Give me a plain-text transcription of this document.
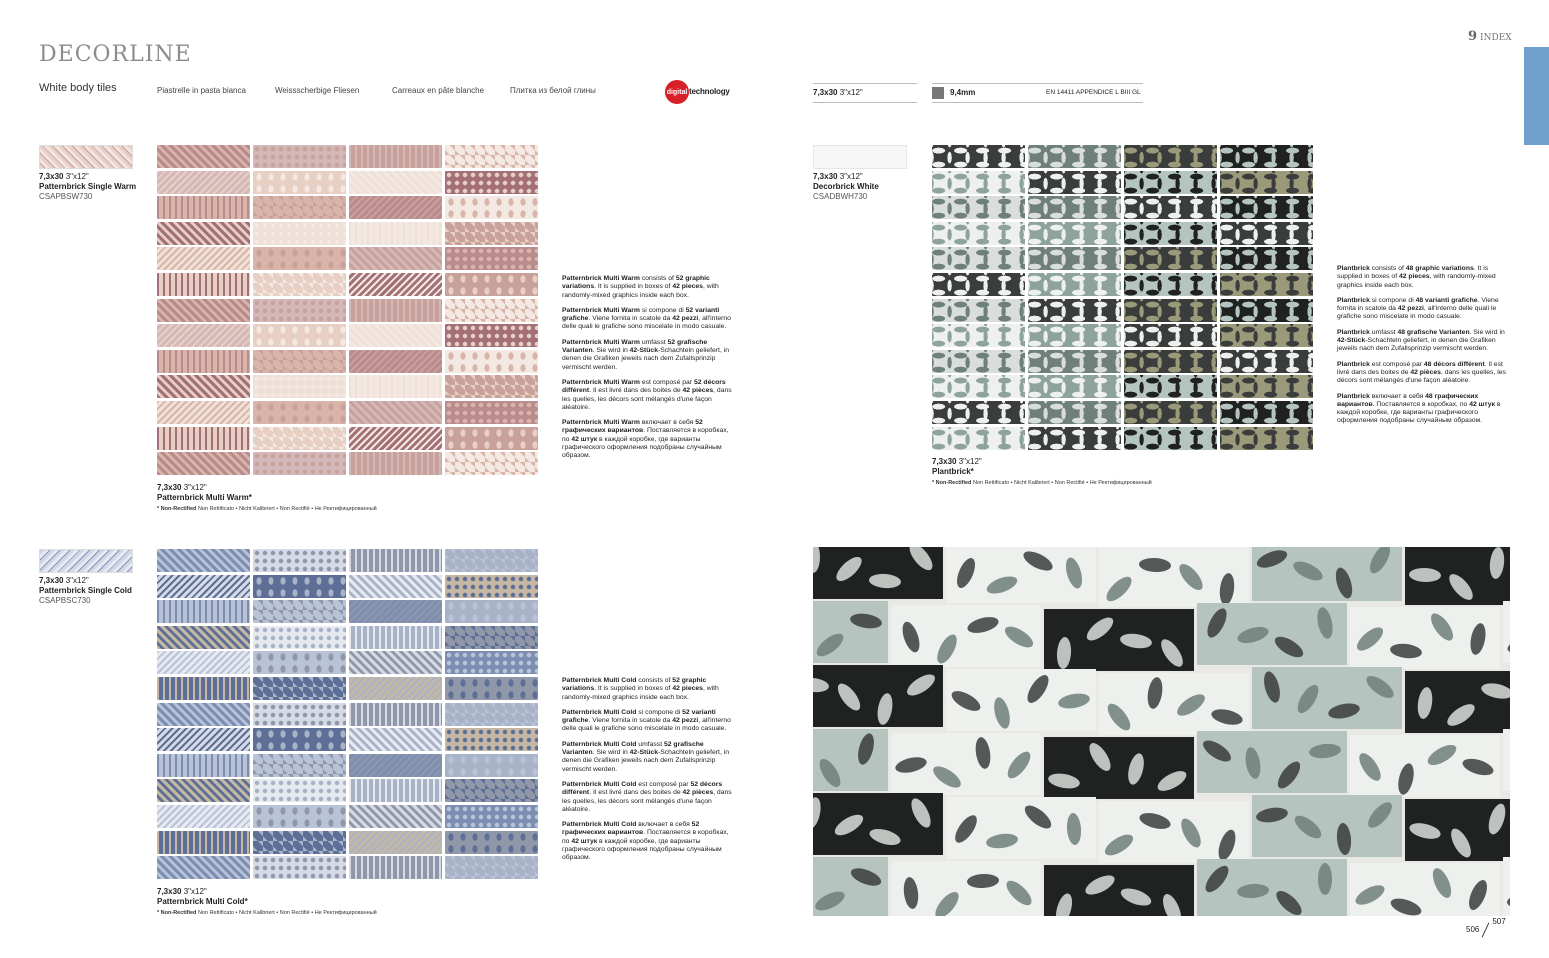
DECORLINE
White body tiles	Piastrelle in pasta bianca	Weissscherbige Fliesen	Carreaux en pâte blanche	Плитка из белой глины	digital technology
9 INDEX
7,3x30 3"x12"	9,4mm	EN 14411 APPENDICE L BIII GL
7,3x30 3"x12"
Patternbrick Single Warm
CSAPBSW730
7,3x30 3"x12"
Patternbrick Multi Warm*
* Non-Rectified Non Rettificato • Nicht Kalibriert • Non Rectifié • Не Ректифицированный

Patternbrick Multi Warm consists of 52 graphic variations. It is supplied in boxes of 42 pieces, with randomly-mixed graphics inside each box.

Patternbrick Multi Warm si compone di 52 varianti grafiche. Viene fornita in scatole da 42 pezzi, all'interno delle quali le grafiche sono miscelate in modo casuale.

Patternbrick Multi Warm umfasst 52 grafische Varianten. Sie wird in 42-Stück-Schachteln geliefert, in denen die Grafiken jeweils nach dem Zufallsprinzip vermischt werden.

Patternbrick Multi Warm est composé par 52 décors différent. Il est livré dans des boites de 42 pièces, dans les quelles, les décors sont mélangés d'une façon aléatoire.

Patternbrick Multi Warm включает в себя 52 графических вариантов. Поставляется в коробках, по 42 штук в каждой коробке, где варианты графического оформления подобраны случайным образом.

7,3x30 3"x12"
Patternbrick Single Cold
CSAPBSC730
7,3x30 3"x12"
Patternbrick Multi Cold*
* Non-Rectified Non Rettificato • Nicht Kalibriert • Non Rectifié • Не Ректифицированный

Patternbrick Multi Cold consists of 52 graphic variations. It is supplied in boxes of 42 pieces, with randomly-mixed graphics inside each box.

Patternbrick Multi Cold si compone di 52 varianti grafiche. Viene fornita in scatole da 42 pezzi, all'interno delle quali le grafiche sono miscelate in modo casuale.

Patternbrick Multi Cold umfasst 52 grafische Varianten. Sie wird in 42-Stück-Schachteln geliefert, in denen die Grafiken jeweils nach dem Zufallsprinzip vermischt werden.

Patternbrick Multi Cold est composé par 52 décors différent. Il est livré dans des boites de 42 pièces, dans les quelles, les décors sont mélangés d'une façon aléatoire.

Patternbrick Multi Cold включает в себя 52 графических вариантов. Поставляется в коробках, по 42 штук в каждой коробке, где варианты графического оформления подобраны случайным образом.

7,3x30 3"x12"
Decorbrick White
CSADBWH730
7,3x30 3"x12"
Plantbrick*
* Non-Rectified Non Rettificato • Nicht Kalibriert • Non Rectifié • Не Ректифицированный

Plantbrick consists of 48 graphic variations. It is supplied in boxes of 42 pieces, with randomly-mixed graphics inside each box.

Plantbrick si compone di 48 varianti grafiche. Viene fornita in scatole da 42 pezzi, all'interno delle quali le grafiche sono miscelate in modo casuale.

Plantbrick umfasst 48 grafische Varianten. Sie wird in 42-Stück-Schachteln geliefert, in denen die Grafiken jeweils nach dem Zufallsprinzip vermischt werden.

Plantbrick est composé par 48 décors différent. Il est livré dans des boites de 42 pièces, dans les quelles, les décors sont mélangés d'une façon aléatoire.

Plantbrick включает в себя 48 графических вариантов. Поставляется в коробках, по 42 штук в каждой коробке, где варианты графического оформления подобраны случайным образом.

506507
